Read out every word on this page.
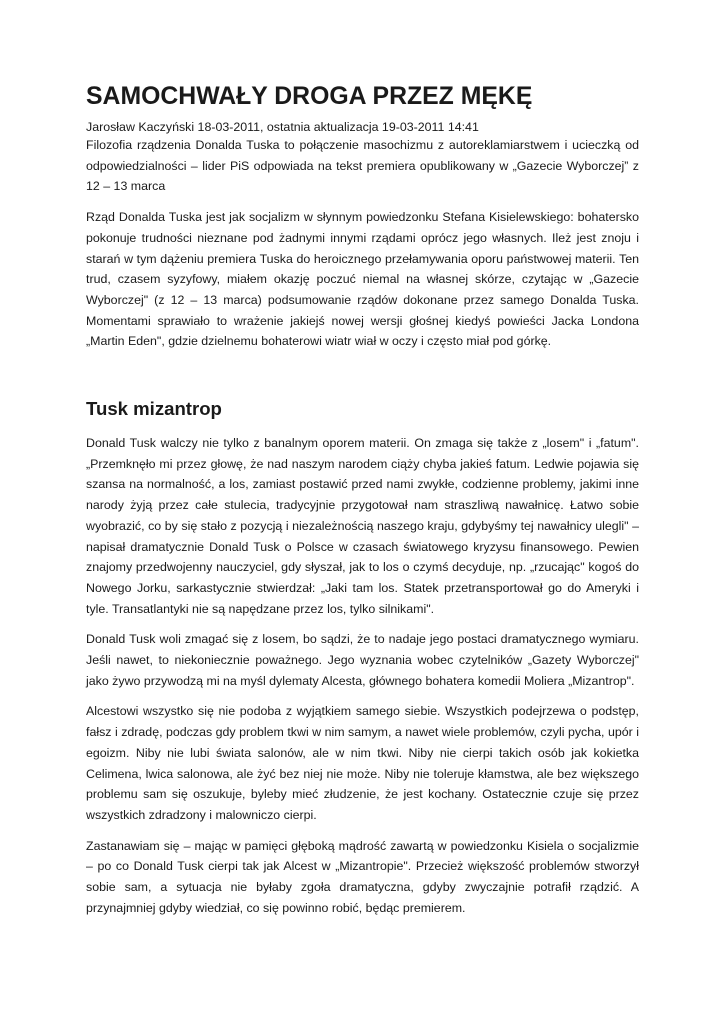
SAMOCHWAŁY DROGA PRZEZ MĘKĘ
Jarosław Kaczyński 18-03-2011, ostatnia aktualizacja 19-03-2011 14:41

Filozofia rządzenia Donalda Tuska to połączenie masochizmu z autoreklamiarstwem i ucieczką od odpowiedzialności – lider PiS odpowiada na tekst premiera opublikowany w „Gazecie Wyborczej” z 12 – 13 marca

Rząd Donalda Tuska jest jak socjalizm w słynnym powiedzonku Stefana Kisielewskiego: bohatersko pokonuje trudności nieznane pod żadnymi innymi rządami oprócz jego własnych. Ileż jest znoju i starań w tym dążeniu premiera Tuska do heroicznego przełamywania oporu państwowej materii. Ten trud, czasem syzyfowy, miałem okazję poczuć niemal na własnej skórze, czytając w „Gazecie Wyborczej" (z 12 – 13 marca) podsumowanie rządów dokonane przez samego Donalda Tuska. Momentami sprawiało to wrażenie jakiejś nowej wersji głośnej kiedyś powieści Jacka Londona „Martin Eden", gdzie dzielnemu bohaterowi wiatr wiał w oczy i często miał pod górkę.

Tusk mizantrop

Donald Tusk walczy nie tylko z banalnym oporem materii. On zmaga się także z „losem" i „fatum". „Przemknęło mi przez głowę, że nad naszym narodem ciąży chyba jakieś fatum. Ledwie pojawia się szansa na normalność, a los, zamiast postawić przed nami zwykłe, codzienne problemy, jakimi inne narody żyją przez całe stulecia, tradycyjnie przygotował nam straszliwą nawałnicę. Łatwo sobie wyobrazić, co by się stało z pozycją i niezależnością naszego kraju, gdybyśmy tej nawałnicy ulegli" – napisał dramatycznie Donald Tusk o Polsce w czasach światowego kryzysu finansowego. Pewien znajomy przedwojenny nauczyciel, gdy słyszał, jak to los o czymś decyduje, np. „rzucając" kogoś do Nowego Jorku, sarkastycznie stwierdzał: „Jaki tam los. Statek przetransportował go do Ameryki i tyle. Transatlantyki nie są napędzane przez los, tylko silnikami".

Donald Tusk woli zmagać się z losem, bo sądzi, że to nadaje jego postaci dramatycznego wymiaru. Jeśli nawet, to niekoniecznie poważnego. Jego wyznania wobec czytelników „Gazety Wyborczej" jako żywo przywodzą mi na myśl dylematy Alcesta, głównego bohatera komedii Moliera „Mizantrop".

Alcestowi wszystko się nie podoba z wyjątkiem samego siebie. Wszystkich podejrzewa o podstęp, fałsz i zdradę, podczas gdy problem tkwi w nim samym, a nawet wiele problemów, czyli pycha, upór i egoizm. Niby nie lubi świata salonów, ale w nim tkwi. Niby nie cierpi takich osób jak kokietka Celimena, lwica salonowa, ale żyć bez niej nie może. Niby nie toleruje kłamstwa, ale bez większego problemu sam się oszukuje, byleby mieć złudzenie, że jest kochany. Ostatecznie czuje się przez wszystkich zdradzony i malowniczo cierpi.

Zastanawiam się – mając w pamięci głęboką mądrość zawartą w powiedzonku Kisiela o socjalizmie – po co Donald Tusk cierpi tak jak Alcest w „Mizantropie". Przecież większość problemów stworzył sobie sam, a sytuacja nie byłaby zgoła dramatyczna, gdyby zwyczajnie potrafił rządzić. A przynajmniej gdyby wiedział, co się powinno robić, będąc premierem.
